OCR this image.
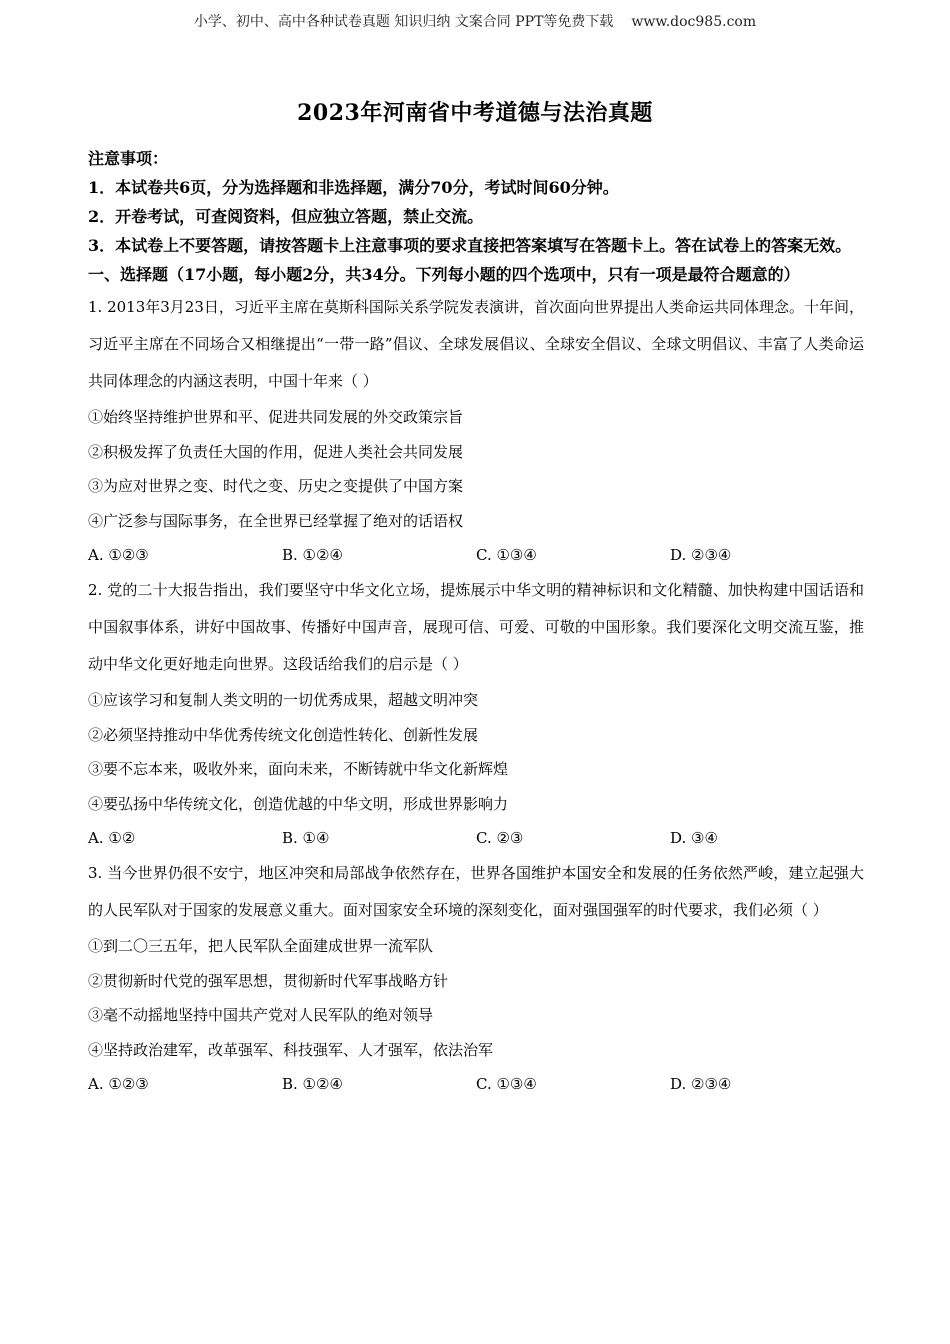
小学、初中、高中各种试卷真题 知识归纳 文案合同 PPT等免费下载 www.doc985.com
2023年河南省中考道德与法治真题
注意事项：
1．本试卷共6页，分为选择题和非选择题，满分70分，考试时间60分钟。
2．开卷考试，可查阅资料，但应独立答题，禁止交流。
3．本试卷上不要答题，请按答题卡上注意事项的要求直接把答案填写在答题卡上。答在试卷上的答案无效。
一、选择题（17小题，每小题2分，共34分。下列每小题的四个选项中，只有一项是最符合题意的）
1. 2013年3月23日，习近平主席在莫斯科国际关系学院发表演讲，首次面向世界提出人类命运共同体理念。十年间，习近平主席在不同场合又相继提出“一带一路”倡议、全球发展倡议、全球安全倡议、全球文明倡议、丰富了人类命运共同体理念的内涵这表明，中国十年来（ ）
①始终坚持维护世界和平、促进共同发展的外交政策宗旨
②积极发挥了负责任大国的作用，促进人类社会共同发展
③为应对世界之变、时代之变、历史之变提供了中国方案
④广泛参与国际事务，在全世界已经掌握了绝对的话语权
A. ①②③	B. ①②④	C. ①③④	D. ②③④
2. 党的二十大报告指出，我们要坚守中华文化立场，提炼展示中华文明的精神标识和文化精髓、加快构建中国话语和中国叙事体系，讲好中国故事、传播好中国声音，展现可信、可爱、可敬的中国形象。我们要深化文明交流互鉴，推动中华文化更好地走向世界。这段话给我们的启示是（ ）
①应该学习和复制人类文明的一切优秀成果，超越文明冲突
②必须坚持推动中华优秀传统文化创造性转化、创新性发展
③要不忘本来，吸收外来，面向未来，不断铸就中华文化新辉煌
④要弘扬中华传统文化，创造优越的中华文明，形成世界影响力
A. ①②	B. ①④	C. ②③	D. ③④
3. 当今世界仍很不安宁，地区冲突和局部战争依然存在，世界各国维护本国安全和发展的任务依然严峻，建立起强大的人民军队对于国家的发展意义重大。面对国家安全环境的深刻变化，面对强国强军的时代要求，我们必须（ ）
①到二〇三五年，把人民军队全面建成世界一流军队
②贯彻新时代党的强军思想，贯彻新时代军事战略方针
③毫不动摇地坚持中国共产党对人民军队的绝对领导
④坚持政治建军，改革强军、科技强军、人才强军，依法治军
A. ①②③	B. ①②④	C. ①③④	D. ②③④
